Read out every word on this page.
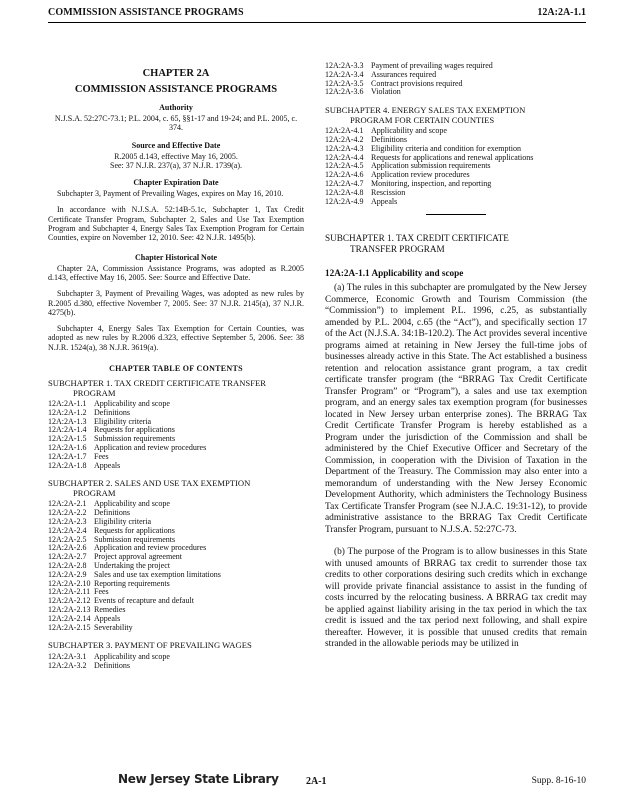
COMMISSION ASSISTANCE PROGRAMS	12A:2A-1.1
CHAPTER 2A
COMMISSION ASSISTANCE PROGRAMS
Authority

N.J.S.A. 52:27C-73.1; P.L. 2004, c. 65, §§1-17 and 19-24; and P.L. 2005, c. 374.

Source and Effective Date

R.2005 d.143, effective May 16, 2005.

See: 37 N.J.R. 237(a), 37 N.J.R. 1739(a).

Chapter Expiration Date

Subchapter 3, Payment of Prevailing Wages, expires on May 16, 2010.

In accordance with N.J.S.A. 52:14B-5.1c, Subchapter 1, Tax Credit Certificate Transfer Program, Subchapter 2, Sales and Use Tax Exemption Program and Subchapter 4, Energy Sales Tax Exemption Program for Certain Counties, expire on November 12, 2010. See: 42 N.J.R. 1495(b).

Chapter Historical Note

Chapter 2A, Commission Assistance Programs, was adopted as R.2005 d.143, effective May 16, 2005. See: Source and Effective Date.

Subchapter 3, Payment of Prevailing Wages, was adopted as new rules by R.2005 d.380, effective November 7, 2005. See: 37 N.J.R. 2145(a), 37 N.J.R. 4275(b).

Subchapter 4, Energy Sales Tax Exemption for Certain Counties, was adopted as new rules by R.2006 d.323, effective September 5, 2006. See: 38 N.J.R. 1524(a), 38 N.J.R. 3619(a).

CHAPTER TABLE OF CONTENTS

SUBCHAPTER 1. TAX CREDIT CERTIFICATE TRANSFER
PROGRAM

12A:2A-1.1 Applicability and scope
12A:2A-1.2 Definitions
12A:2A-1.3 Eligibility criteria
12A:2A-1.4 Requests for applications
12A:2A-1.5 Submission requirements
12A:2A-1.6 Application and review procedures
12A:2A-1.7 Fees
12A:2A-1.8 Appeals

SUBCHAPTER 2. SALES AND USE TAX EXEMPTION
PROGRAM

12A:2A-2.1 Applicability and scope
12A:2A-2.2 Definitions
12A:2A-2.3 Eligibility criteria
12A:2A-2.4 Requests for applications
12A:2A-2.5 Submission requirements
12A:2A-2.6 Application and review procedures
12A:2A-2.7 Project approval agreement
12A:2A-2.8 Undertaking the project
12A:2A-2.9 Sales and use tax exemption limitations
12A:2A-2.10 Reporting requirements
12A:2A-2.11 Fees
12A:2A-2.12 Events of recapture and default
12A:2A-2.13 Remedies
12A:2A-2.14 Appeals
12A:2A-2.15 Severability

SUBCHAPTER 3. PAYMENT OF PREVAILING WAGES

12A:2A-3.1 Applicability and scope
12A:2A-3.2 Definitions
12A:2A-3.3 Payment of prevailing wages required
12A:2A-3.4 Assurances required
12A:2A-3.5 Contract provisions required
12A:2A-3.6 Violation

SUBCHAPTER 4. ENERGY SALES TAX EXEMPTION
PROGRAM FOR CERTAIN COUNTIES

12A:2A-4.1 Applicability and scope
12A:2A-4.2 Definitions
12A:2A-4.3 Eligibility criteria and condition for exemption
12A:2A-4.4 Requests for applications and renewal applications
12A:2A-4.5 Application submission requirements
12A:2A-4.6 Application review procedures
12A:2A-4.7 Monitoring, inspection, and reporting
12A:2A-4.8 Rescission
12A:2A-4.9 Appeals

SUBCHAPTER 1. TAX CREDIT CERTIFICATE
TRANSFER PROGRAM

12A:2A-1.1 Applicability and scope

(a) The rules in this subchapter are promulgated by the New Jersey Commerce, Economic Growth and Tourism Commission (the “Commission”) to implement P.L. 1996, c.25, as substantially amended by P.L. 2004, c.65 (the “Act”), and specifically section 17 of the Act (N.J.S.A. 34:1B-120.2). The Act provides several incentive programs aimed at retaining in New Jersey the full-time jobs of businesses already active in this State. The Act established a business retention and relocation assistance grant program, a tax credit certificate transfer program (the “BRRAG Tax Credit Certificate Transfer Program” or “Program”), a sales and use tax exemption program, and an energy sales tax exemption program (for businesses located in New Jersey urban enterprise zones). The BRRAG Tax Credit Certificate Transfer Program is hereby established as a Program under the jurisdiction of the Commission and shall be administered by the Chief Executive Officer and Secretary of the Commission, in cooperation with the Division of Taxation in the Department of the Treasury. The Commission may also enter into a memorandum of understanding with the New Jersey Economic Development Authority, which administers the Technology Business Tax Certificate Transfer Program (see N.J.A.C. 19:31-12), to provide administrative assistance to the BRRAG Tax Credit Certificate Transfer Program, pursuant to N.J.S.A. 52:27C-73.

(b) The purpose of the Program is to allow businesses in this State with unused amounts of BRRAG tax credit to surrender those tax credits to other corporations desiring such credits which in exchange will provide private financial assistance to assist in the funding of costs incurred by the relocating business. A BRRAG tax credit may be applied against liability arising in the tax period in which the tax credit is issued and the tax period next following, and shall expire thereafter. However, it is possible that unused credits that remain stranded in the allowable periods may be utilized in

New Jersey State Library	2A-1	Supp. 8-16-10
